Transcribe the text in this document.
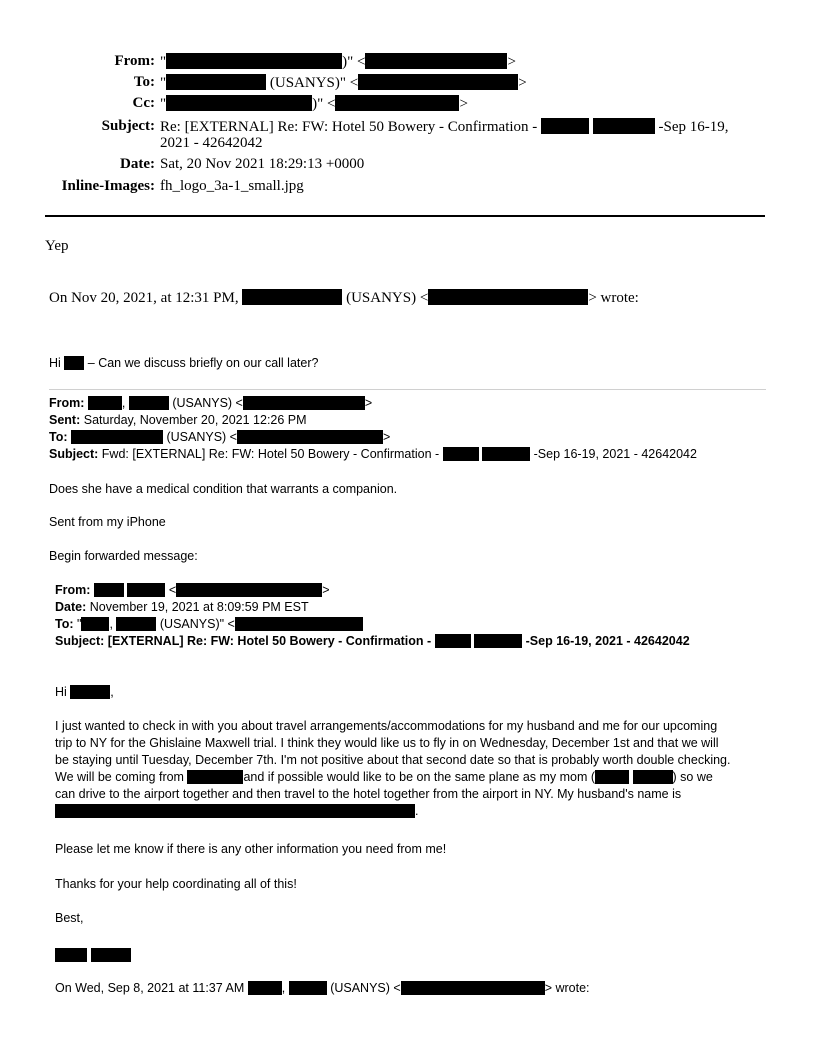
From: "	)" <	>
To: "	(USANYS)" <	>
Cc: "	)" <	>
Subject: Re: [EXTERNAL] Re: FW: Hotel 50 Bowery - Confirmation -	-Sep 16-19,
2021 - 42642042
Date: Sat, 20 Nov 2021 18:29:13 +0000
Inline-Images: fh_logo_3a-1_small.jpg
Yep
On Nov 20, 2021, at 12:31 PM,	(USANYS) <	> wrote:
Hi – Can we discuss briefly on our call later?
From:	,	(USANYS) <	>
Sent: Saturday, November 20, 2021 12:26 PM
To:	(USANYS) <	>
Subject: Fwd: [EXTERNAL] Re: FW: Hotel 50 Bowery - Confirmation -	-Sep 16-19, 2021 - 42642042
Does she have a medical condition that warrants a companion.
Sent from my iPhone
Begin forwarded message:
From:	<	>
Date: November 19, 2021 at 8:09:59 PM EST
To: " ,	(USANYS)" <
Subject: [EXTERNAL] Re: FW: Hotel 50 Bowery - Confirmation -	-Sep 16-19, 2021 - 42642042
Hi	,
I just wanted to check in with you about travel arrangements/accommodations for my husband and me for our upcoming
trip to NY for the Ghislaine Maxwell trial. I think they would like us to fly in on Wednesday, December 1st and that we will
be staying until Tuesday, December 7th. I'm not positive about that second date so that is probably worth double checking.
We will be coming from	and if possible would like to be on the same plane as my mom (	) so we
can drive to the airport together and then travel to the hotel together from the airport in NY. My husband's name is
.
Please let me know if there is any other information you need from me!
Thanks for your help coordinating all of this!
Best,

On Wed, Sep 8, 2021 at 11:37 AM	,	(USANYS) <	> wrote:
